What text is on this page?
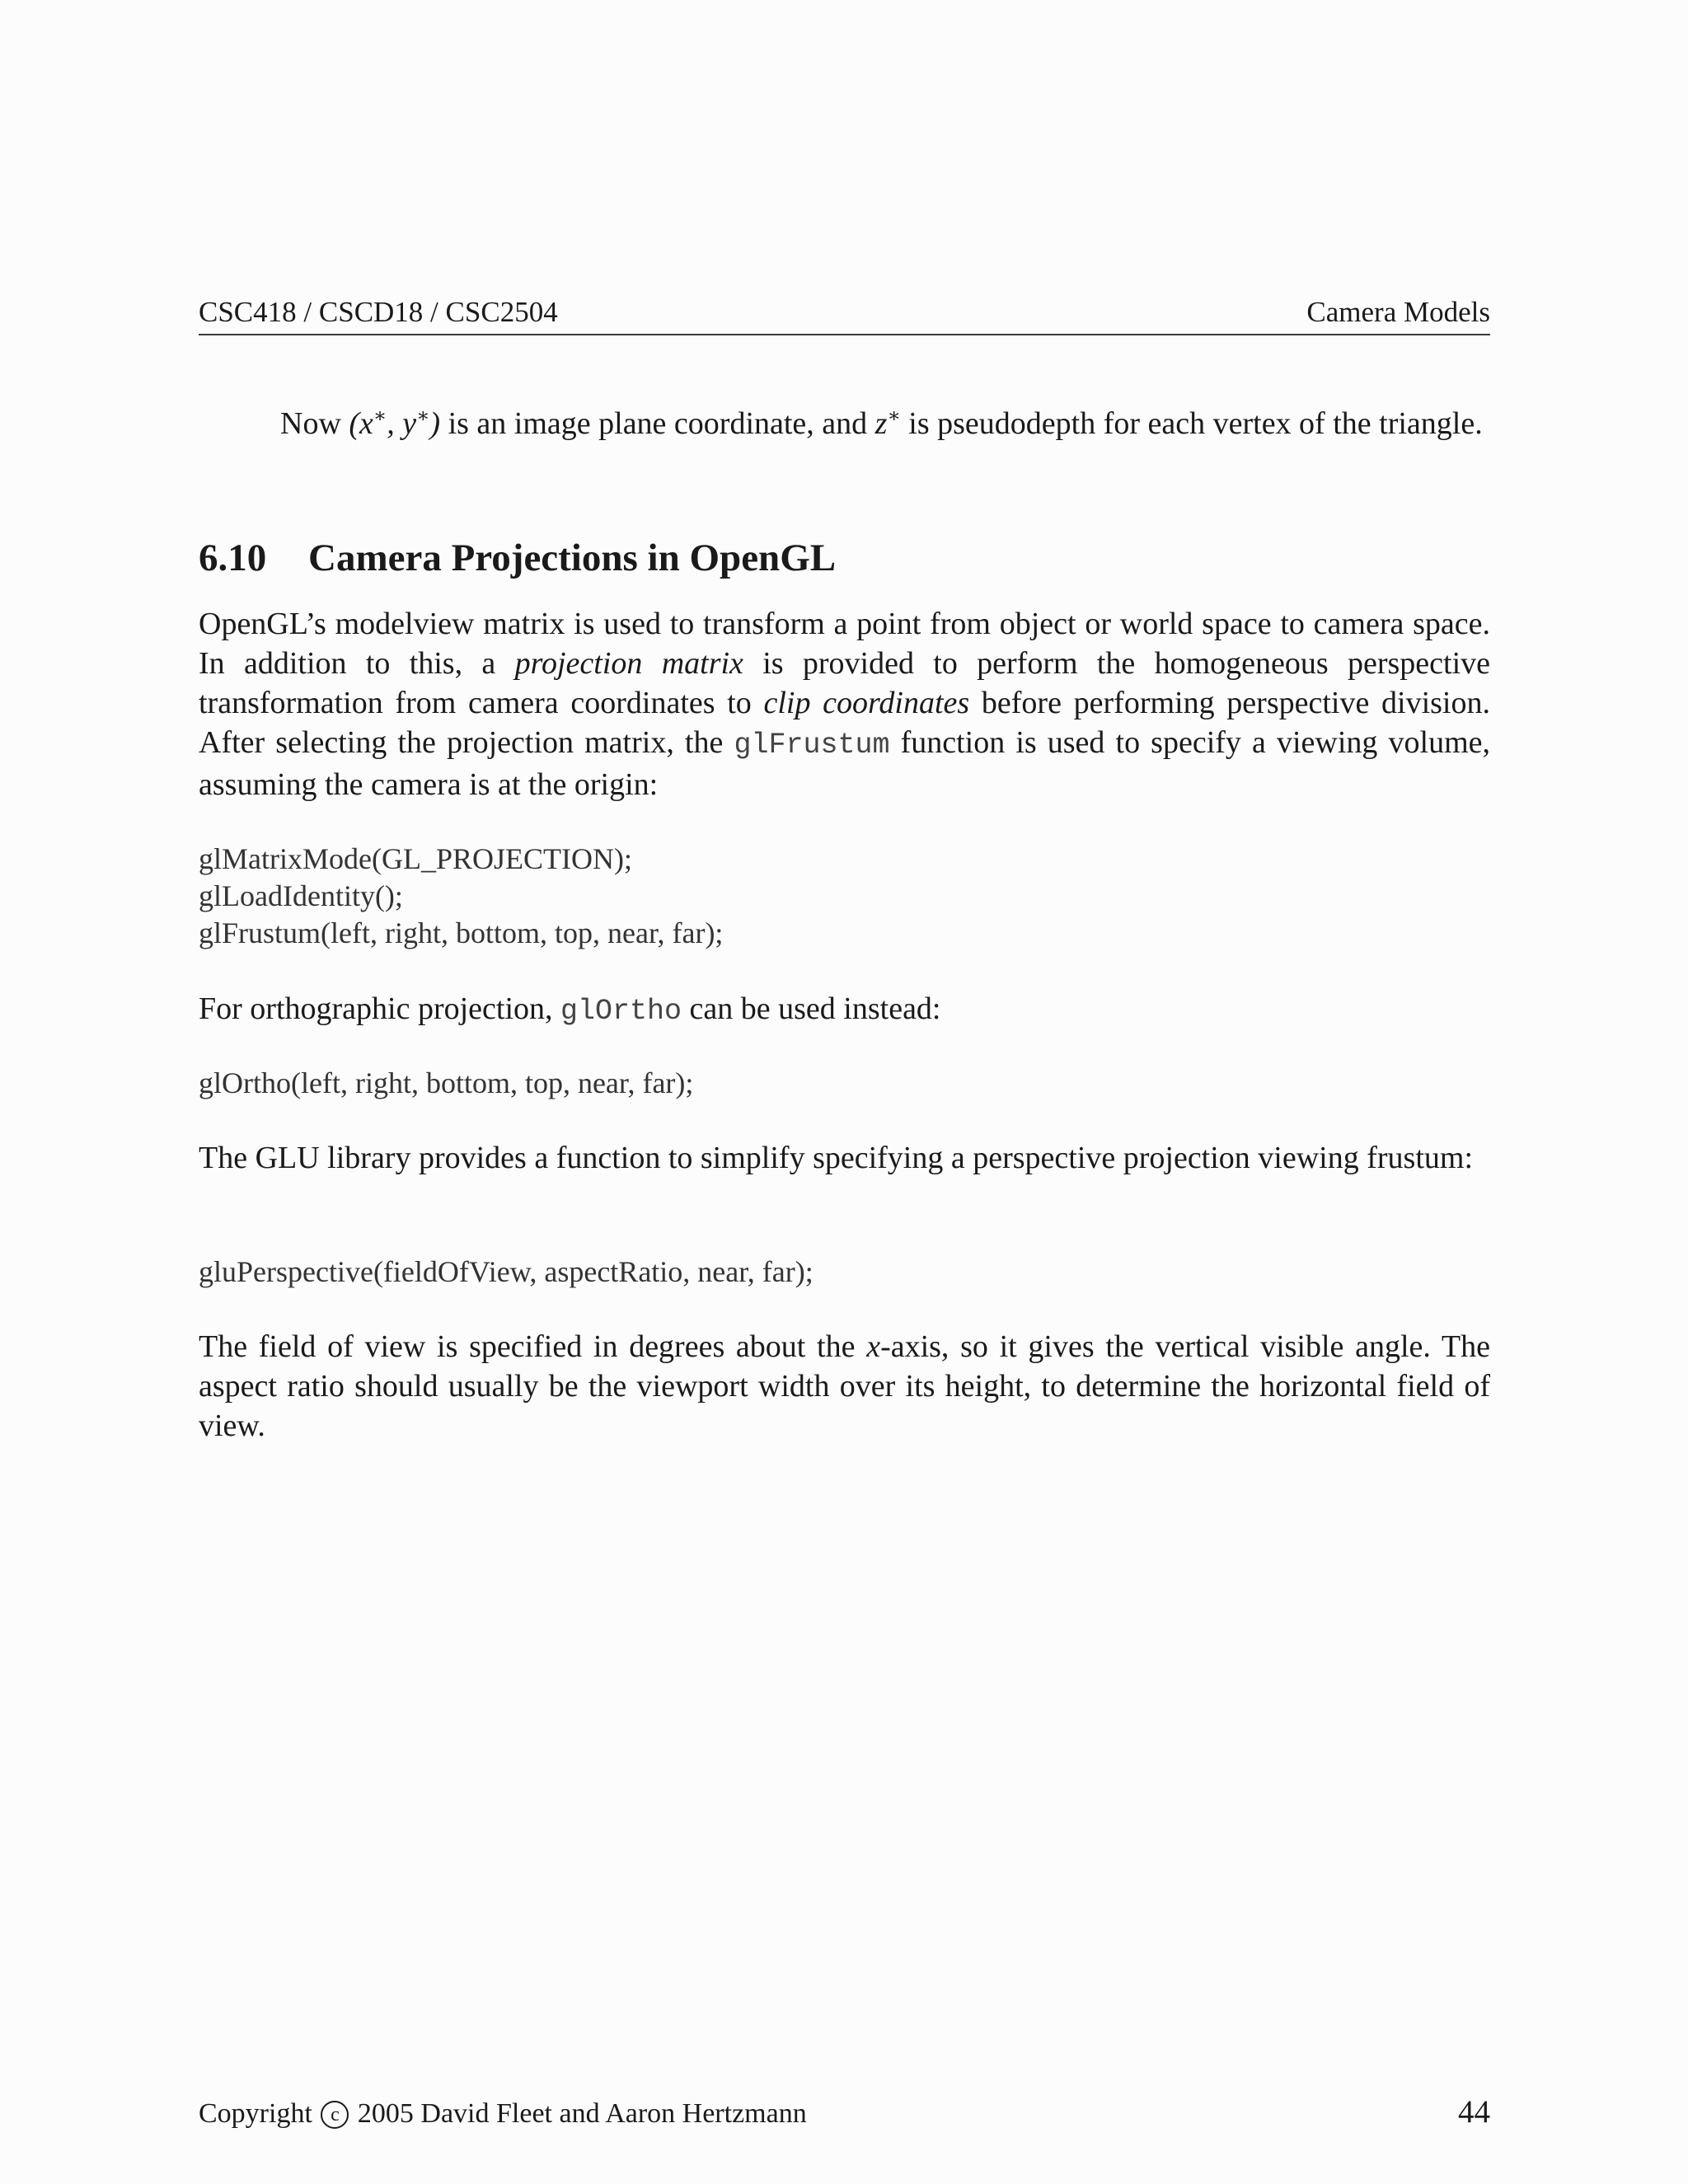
CSC418 / CSCD18 / CSC2504	Camera Models

Now (x∗, y∗) is an image plane coordinate, and z∗ is pseudodepth for each vertex of the triangle.

6.10 Camera Projections in OpenGL

OpenGL’s modelview matrix is used to transform a point from object or world space to camera space. In addition to this, a projection matrix is provided to perform the homogeneous perspective transformation from camera coordinates to clip coordinates before performing perspective division. After selecting the projection matrix, the glFrustum function is used to specify a viewing volume, assuming the camera is at the origin:

glMatrixMode(GL_PROJECTION);
glLoadIdentity();
glFrustum(left, right, bottom, top, near, far);

For orthographic projection, glOrtho can be used instead:

glOrtho(left, right, bottom, top, near, far);

The GLU library provides a function to simplify specifying a perspective projection viewing frustum:

gluPerspective(fieldOfView, aspectRatio, near, far);

The field of view is specified in degrees about the x-axis, so it gives the vertical visible angle. The aspect ratio should usually be the viewport width over its height, to determine the horizontal field of view.

Copyright c 2005 David Fleet and Aaron Hertzmann	44
